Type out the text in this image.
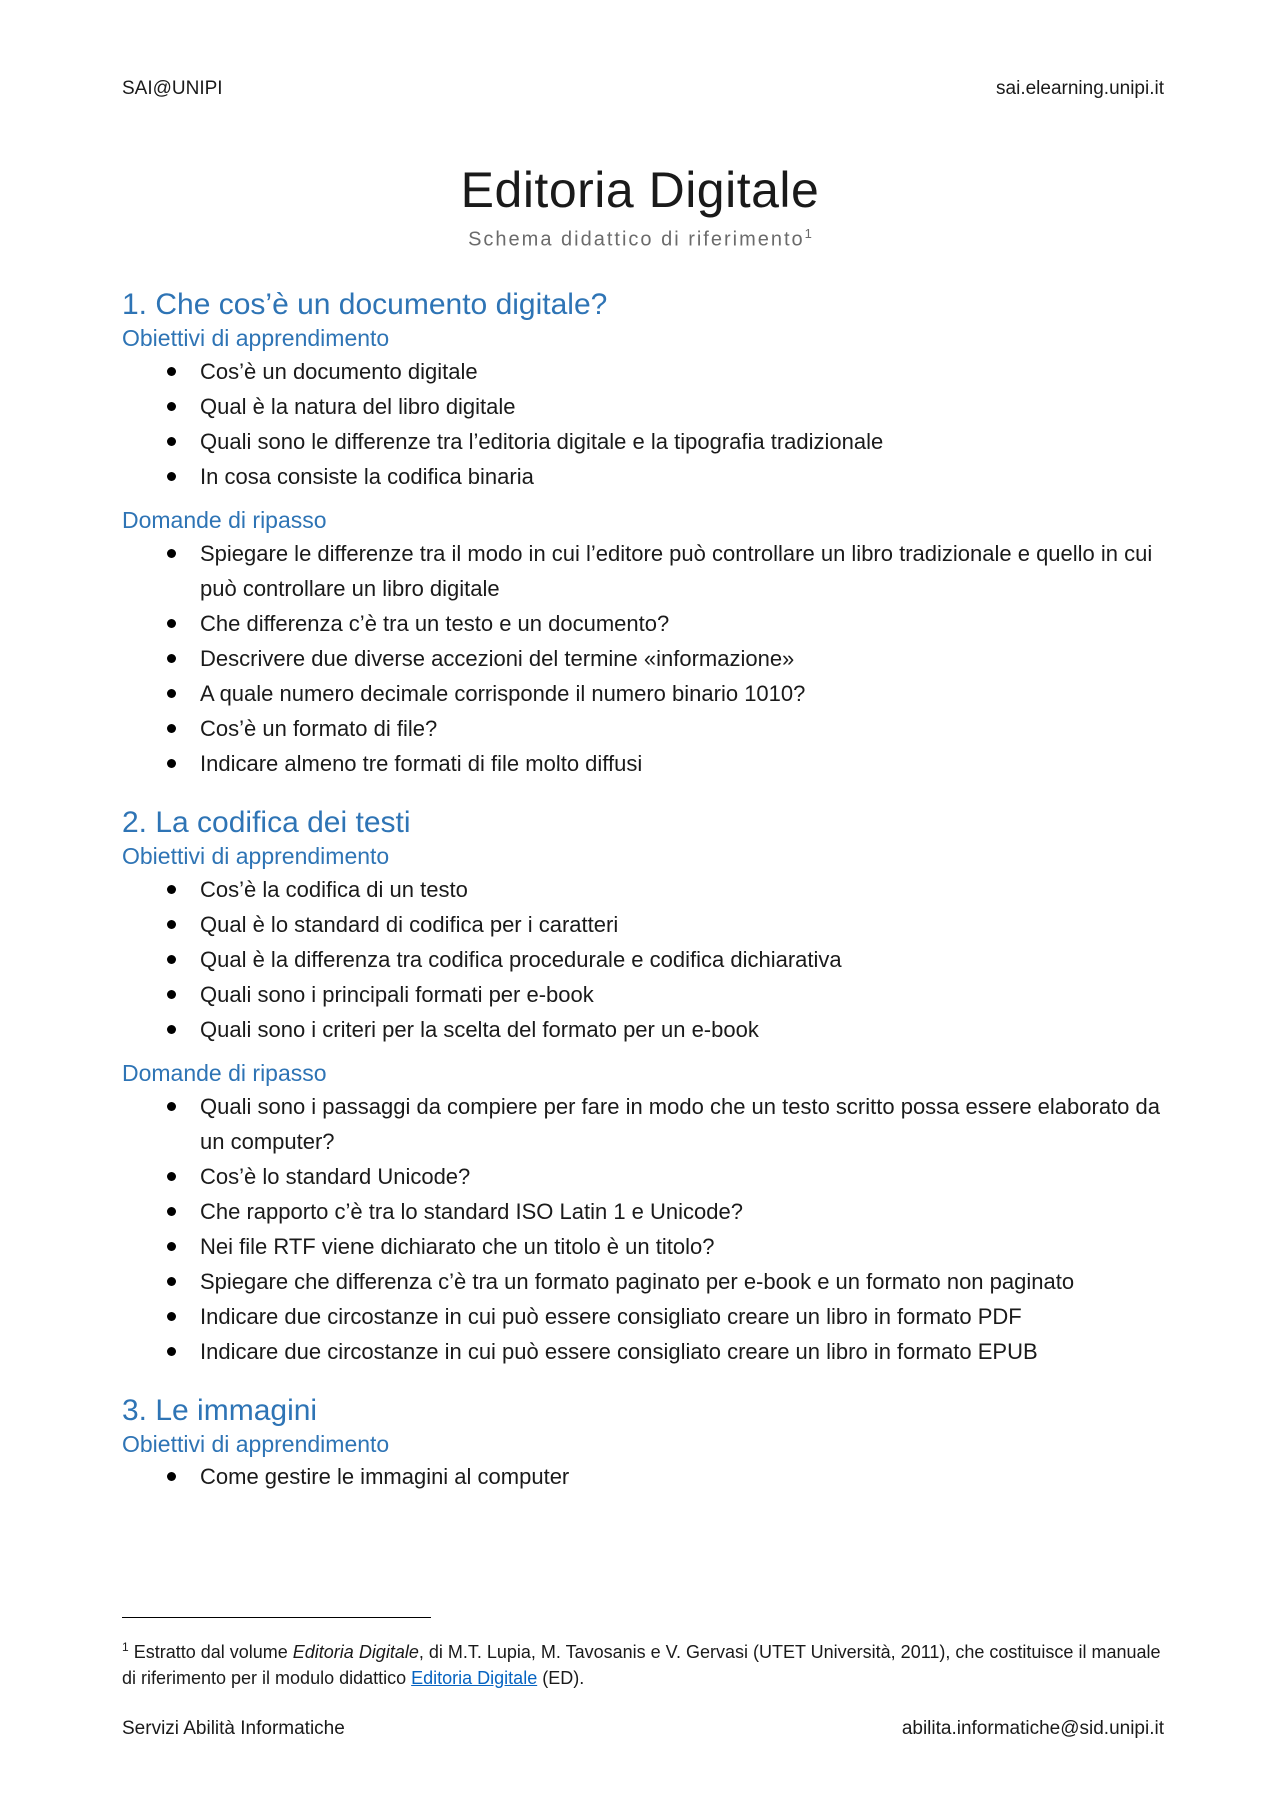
SAI@UNIPI	sai.elearning.unipi.it
Editoria Digitale
Schema didattico di riferimento$^1$
1. Che cos’è un documento digitale?
Obiettivi di apprendimento
Cos’è un documento digitale
Qual è la natura del libro digitale
Quali sono le differenze tra l’editoria digitale e la tipografia tradizionale
In cosa consiste la codifica binaria
Domande di ripasso
Spiegare le differenze tra il modo in cui l’editore può controllare un libro tradizionale e quello in cui può controllare un libro digitale
Che differenza c’è tra un testo e un documento?
Descrivere due diverse accezioni del termine «informazione»
A quale numero decimale corrisponde il numero binario 1010?
Cos’è un formato di file?
Indicare almeno tre formati di file molto diffusi
2. La codifica dei testi
Obiettivi di apprendimento
Cos’è la codifica di un testo
Qual è lo standard di codifica per i caratteri
Qual è la differenza tra codifica procedurale e codifica dichiarativa
Quali sono i principali formati per e-book
Quali sono i criteri per la scelta del formato per un e-book
Domande di ripasso
Quali sono i passaggi da compiere per fare in modo che un testo scritto possa essere elaborato da un computer?
Cos’è lo standard Unicode?
Che rapporto c’è tra lo standard ISO Latin 1 e Unicode?
Nei file RTF viene dichiarato che un titolo è un titolo?
Spiegare che differenza c’è tra un formato paginato per e-book e un formato non paginato
Indicare due circostanze in cui può essere consigliato creare un libro in formato PDF
Indicare due circostanze in cui può essere consigliato creare un libro in formato EPUB
3. Le immagini
Obiettivi di apprendimento
Come gestire le immagini al computer
$^1$ Estratto dal volume Editoria Digitale, di M.T. Lupia, M. Tavosanis e V. Gervasi (UTET Università, 2011), che costituisce il manuale di riferimento per il modulo didattico Editoria Digitale (ED).
Servizi Abilità Informatiche	abilita.informatiche@sid.unipi.it
